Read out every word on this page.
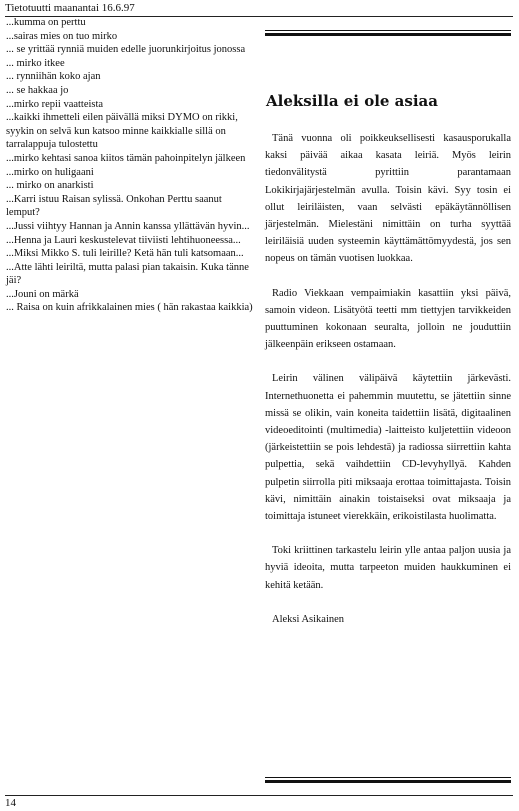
Tietotuutti maanantai 16.6.97

...kumma on perttu

...sairas mies on tuo mirko

... se yrittää rynniä muiden edelle juorunkirjoitus jonossa

... mirko itkee

... rynniihän koko ajan

... se hakkaa jo

...mirko repii vaatteista

...kaikki ihmetteli eilen päivällä miksi DYMO on rikki, syykin on selvä kun katsoo minne kaikkialle sillä on tarralappuja tulostettu

...mirko kehtasi sanoa kiitos tämän pahoinpitelyn jälkeen

...mirko on huligaani

... mirko on anarkisti

...Karri istuu Raisan sylissä. Onkohan Perttu saanut lemput?

...Jussi viihtyy Hannan ja Annin kanssa yllättävän hyvin...

...Henna ja Lauri keskustelevat tiiviisti lehtihuoneessa...

...Miksi Mikko S. tuli leirille? Ketä hän tuli katsomaan...

...Atte lähti leiriltä, mutta palasi pian takaisin. Kuka tänne jäi?

...Jouni on märkä

... Raisa on kuin afrikkalainen mies ( hän rakastaa kaikkia)

Aleksilla ei ole asiaa

Tänä vuonna oli poikkeuksellisesti kasausporukalla kaksi päivää aikaa kasata leiriä. Myös leirin tiedonvälitystä pyrittiin parantamaan Lokikirjajärjestelmän avulla. Toisin kävi. Syy tosin ei ollut leiriläisten, vaan selvästi epäkäytännöllisen järjestelmän. Mielestäni nimittäin on turha syyttää leiriläisiä uuden systeemin käyttämättömyydestä, jos sen nopeus on tämän vuotisen luokkaa.

Radio Viekkaan vempaimiakin kasattiin yksi päivä, samoin videon. Lisätyötä teetti mm tiettyjen tarvikkeiden puuttuminen kokonaan seuralta, jolloin ne jouduttiin jälkeenpäin erikseen ostamaan.

Leirin välinen välipäivä käytettiin järkevästi. Internethuonetta ei pahemmin muutettu, se jätettiin sinne missä se olikin, vain koneita taidettiin lisätä, digitaalinen videoeditointi (multimedia) -laitteisto kuljetettiin videoon (järkeistettiin se pois lehdestä) ja radiossa siirrettiin kahta pulpettia, sekä vaihdettiin CD-levyhyllyä. Kahden pulpetin siirrolla piti miksaaja erottaa toimittajasta. Toisin kävi, nimittäin ainakin toistaiseksi ovat miksaaja ja toimittaja istuneet vierekkäin, erikoistilasta huolimatta.

Toki kriittinen tarkastelu leirin ylle antaa paljon uusia ja hyviä ideoita, mutta tarpeeton muiden haukkuminen ei kehitä ketään.

Aleksi Asikainen

14
